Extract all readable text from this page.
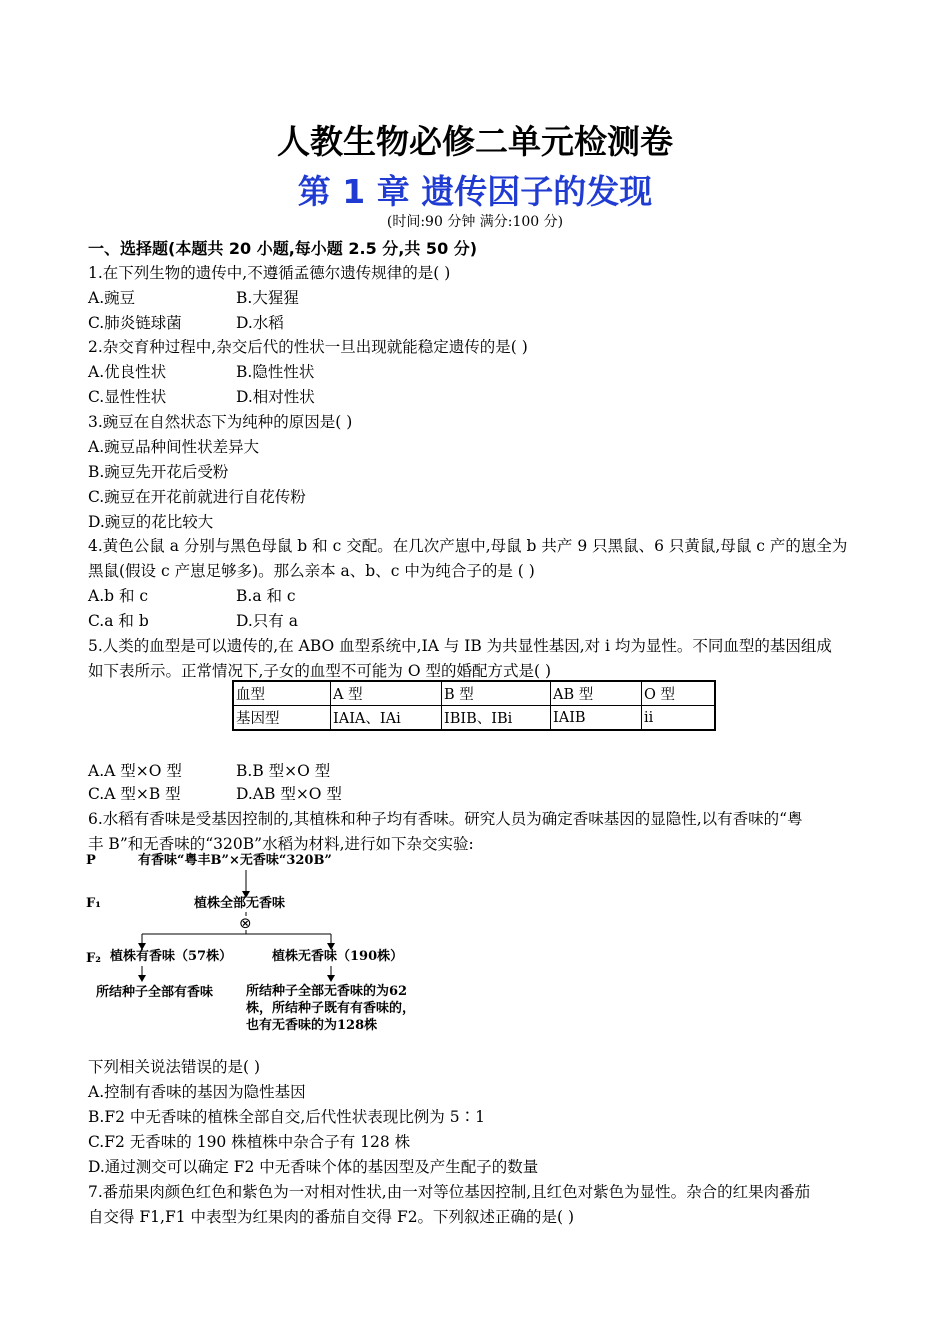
人教生物必修二单元检测卷
第 1 章 遗传因子的发现
(时间:90 分钟 满分:100 分)
一、选择题(本题共 20 小题,每小题 2.5 分,共 50 分)
1.在下列生物的遗传中,不遵循孟德尔遗传规律的是( )
A.豌豆	B.大猩猩
C.肺炎链球菌	D.水稻
2.杂交育种过程中,杂交后代的性状一旦出现就能稳定遗传的是( )
A.优良性状	B.隐性性状
C.显性性状	D.相对性状
3.豌豆在自然状态下为纯种的原因是( )
A.豌豆品种间性状差异大
B.豌豆先开花后受粉
C.豌豆在开花前就进行自花传粉
D.豌豆的花比较大
4.黄色公鼠 a 分别与黑色母鼠 b 和 c 交配。在几次产崽中,母鼠 b 共产 9 只黑鼠、6 只黄鼠,母鼠 c 产的崽全为
黑鼠(假设 c 产崽足够多)。那么亲本 a、b、c 中为纯合子的是 ( )
A.b 和 c	B.a 和 c
C.a 和 b	D.只有 a
5.人类的血型是可以遗传的,在 ABO 血型系统中,IA 与 IB 为共显性基因,对 i 均为显性。不同血型的基因组成
如下表所示。正常情况下,子女的血型不可能为 O 型的婚配方式是( )
血型	A 型	B 型	AB 型	O 型
基因型	IAIA、IAi	IBIB、IBi	IAIB	ii
A.A 型×O 型	B.B 型×O 型
C.A 型×B 型	D.AB 型×O 型
6.水稻有香味是受基因控制的,其植株和种子均有香味。研究人员为确定香味基因的显隐性,以有香味的“粤
丰 B”和无香味的“320B”水稻为材料,进行如下杂交实验:
P	有香味“粤丰B”×无香味“320B”
F₁	植株全部无香味
⊗
F₂ 植株有香味（57株）	植株无香味（190株）
所结种子全部有香味	所结种子全部无香味的为62
株，所结种子既有有香味的，
也有无香味的为128株
下列相关说法错误的是( )
A.控制有香味的基因为隐性基因
B.F2 中无香味的植株全部自交,后代性状表现比例为 5∶1
C.F2 无香味的 190 株植株中杂合子有 128 株
D.通过测交可以确定 F2 中无香味个体的基因型及产生配子的数量
7.番茄果肉颜色红色和紫色为一对相对性状,由一对等位基因控制,且红色对紫色为显性。杂合的红果肉番茄
自交得 F1,F1 中表型为红果肉的番茄自交得 F2。下列叙述正确的是( )
